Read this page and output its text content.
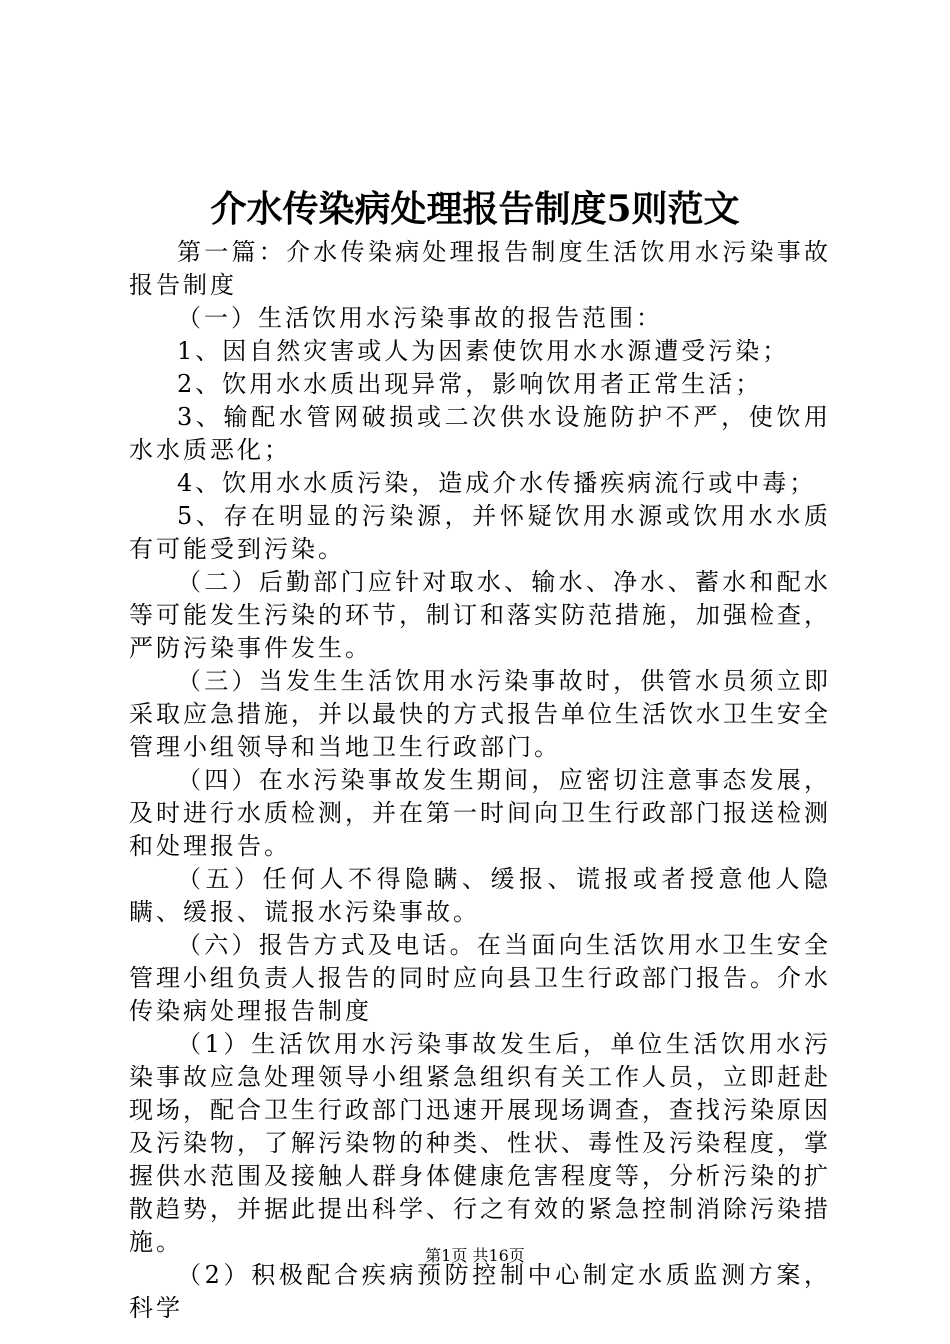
介水传染病处理报告制度5则范文

第一篇：介水传染病处理报告制度生活饮用水污染事故报告制度

（一）生活饮用水污染事故的报告范围：

1、因自然灾害或人为因素使饮用水水源遭受污染；

2、饮用水水质出现异常，影响饮用者正常生活；

3、输配水管网破损或二次供水设施防护不严，使饮用水水质恶化；

4、饮用水水质污染，造成介水传播疾病流行或中毒；

5、存在明显的污染源，并怀疑饮用水源或饮用水水质有可能受到污染。

（二）后勤部门应针对取水、输水、净水、蓄水和配水等可能发生污染的环节，制订和落实防范措施，加强检查，严防污染事件发生。

（三）当发生生活饮用水污染事故时，供管水员须立即采取应急措施，并以最快的方式报告单位生活饮水卫生安全管理小组领导和当地卫生行政部门。

（四）在水污染事故发生期间，应密切注意事态发展，及时进行水质检测，并在第一时间向卫生行政部门报送检测和处理报告。

（五）任何人不得隐瞒、缓报、谎报或者授意他人隐瞒、缓报、谎报水污染事故。

（六）报告方式及电话。在当面向生活饮用水卫生安全管理小组负责人报告的同时应向县卫生行政部门报告。介水传染病处理报告制度

（1）生活饮用水污染事故发生后，单位生活饮用水污染事故应急处理领导小组紧急组织有关工作人员，立即赶赴现场，配合卫生行政部门迅速开展现场调查，查找污染原因及污染物，了解污染物的种类、性状、毒性及污染程度，掌握供水范围及接触人群身体健康危害程度等，分析污染的扩散趋势，并据此提出科学、行之有效的紧急控制消除污染措施。

（2）积极配合疾病预防控制中心制定水质监测方案，科学

第1页 共16页
